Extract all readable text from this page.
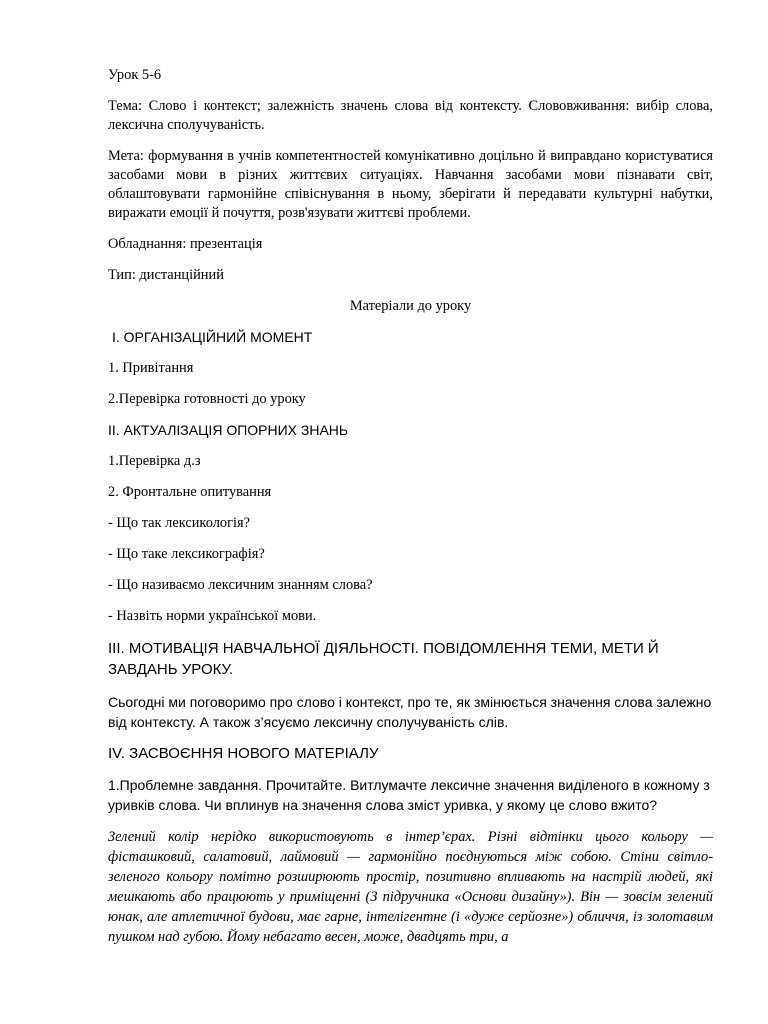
Урок 5-6

Тема: Слово і контекст; залежність значень слова від контексту. Слововживання: вибір слова, лексична сполучуваність.

Мета: формування в учнів компетентностей комунікативно доцільно й виправдано користуватися засобами мови в різних життєвих ситуаціях. Навчання засобами мови пізнавати світ, облаштовувати гармонійне співіснування в ньому, зберігати й передавати культурні набутки, виражати емоції й почуття, розв'язувати життєві проблеми.

Обладнання: презентація

Тип: дистанційний

Матеріали до уроку

I. ОРГАНІЗАЦІЙНИЙ МОМЕНТ

1. Привітання

2.Перевірка готовності до уроку

II. АКТУАЛІЗАЦІЯ ОПОРНИХ ЗНАНЬ

1.Перевірка д.з

2. Фронтальне опитування

- Що так лексикологія?

- Що таке лексикографія?

- Що називаємо лексичним знанням слова?

- Назвіть норми української мови.

III. МОТИВАЦІЯ НАВЧАЛЬНОЇ ДІЯЛЬНОСТІ. ПОВІДОМЛЕННЯ ТЕМИ, МЕТИ Й ЗАВДАНЬ УРОКУ.

Сьогодні ми поговоримо про слово і контекст, про те, як змінюється значення слова залежно від контексту. А також з’ясуємо лексичну сполучуваність слів.

IV. ЗАСВОЄННЯ НОВОГО МАТЕРІАЛУ

1.Проблемне завдання. Прочитайте. Витлумачте лексичне значення виділеного в кожному з уривків слова. Чи вплинув на значення слова зміст уривка, у якому це слово вжито?

Зелений колір нерідко використовують в інтер’єрах. Різні відтінки цього кольору — фісташковий, салатовий, лаймовий — гармонійно поєднуються між собою. Стіни світло-зеленого кольору помітно розширюють простір, позитивно впливають на настрій людей, які мешкають або працюють у приміщенні (З підручника «Основи дизайну»). Він — зовсім зелений юнак, але атлетичної будови, має гарне, інтелігентне (і «дуже серйозне») обличчя, із золотавим пушком над губою. Йому небагато весен, може, двадцять три, а
